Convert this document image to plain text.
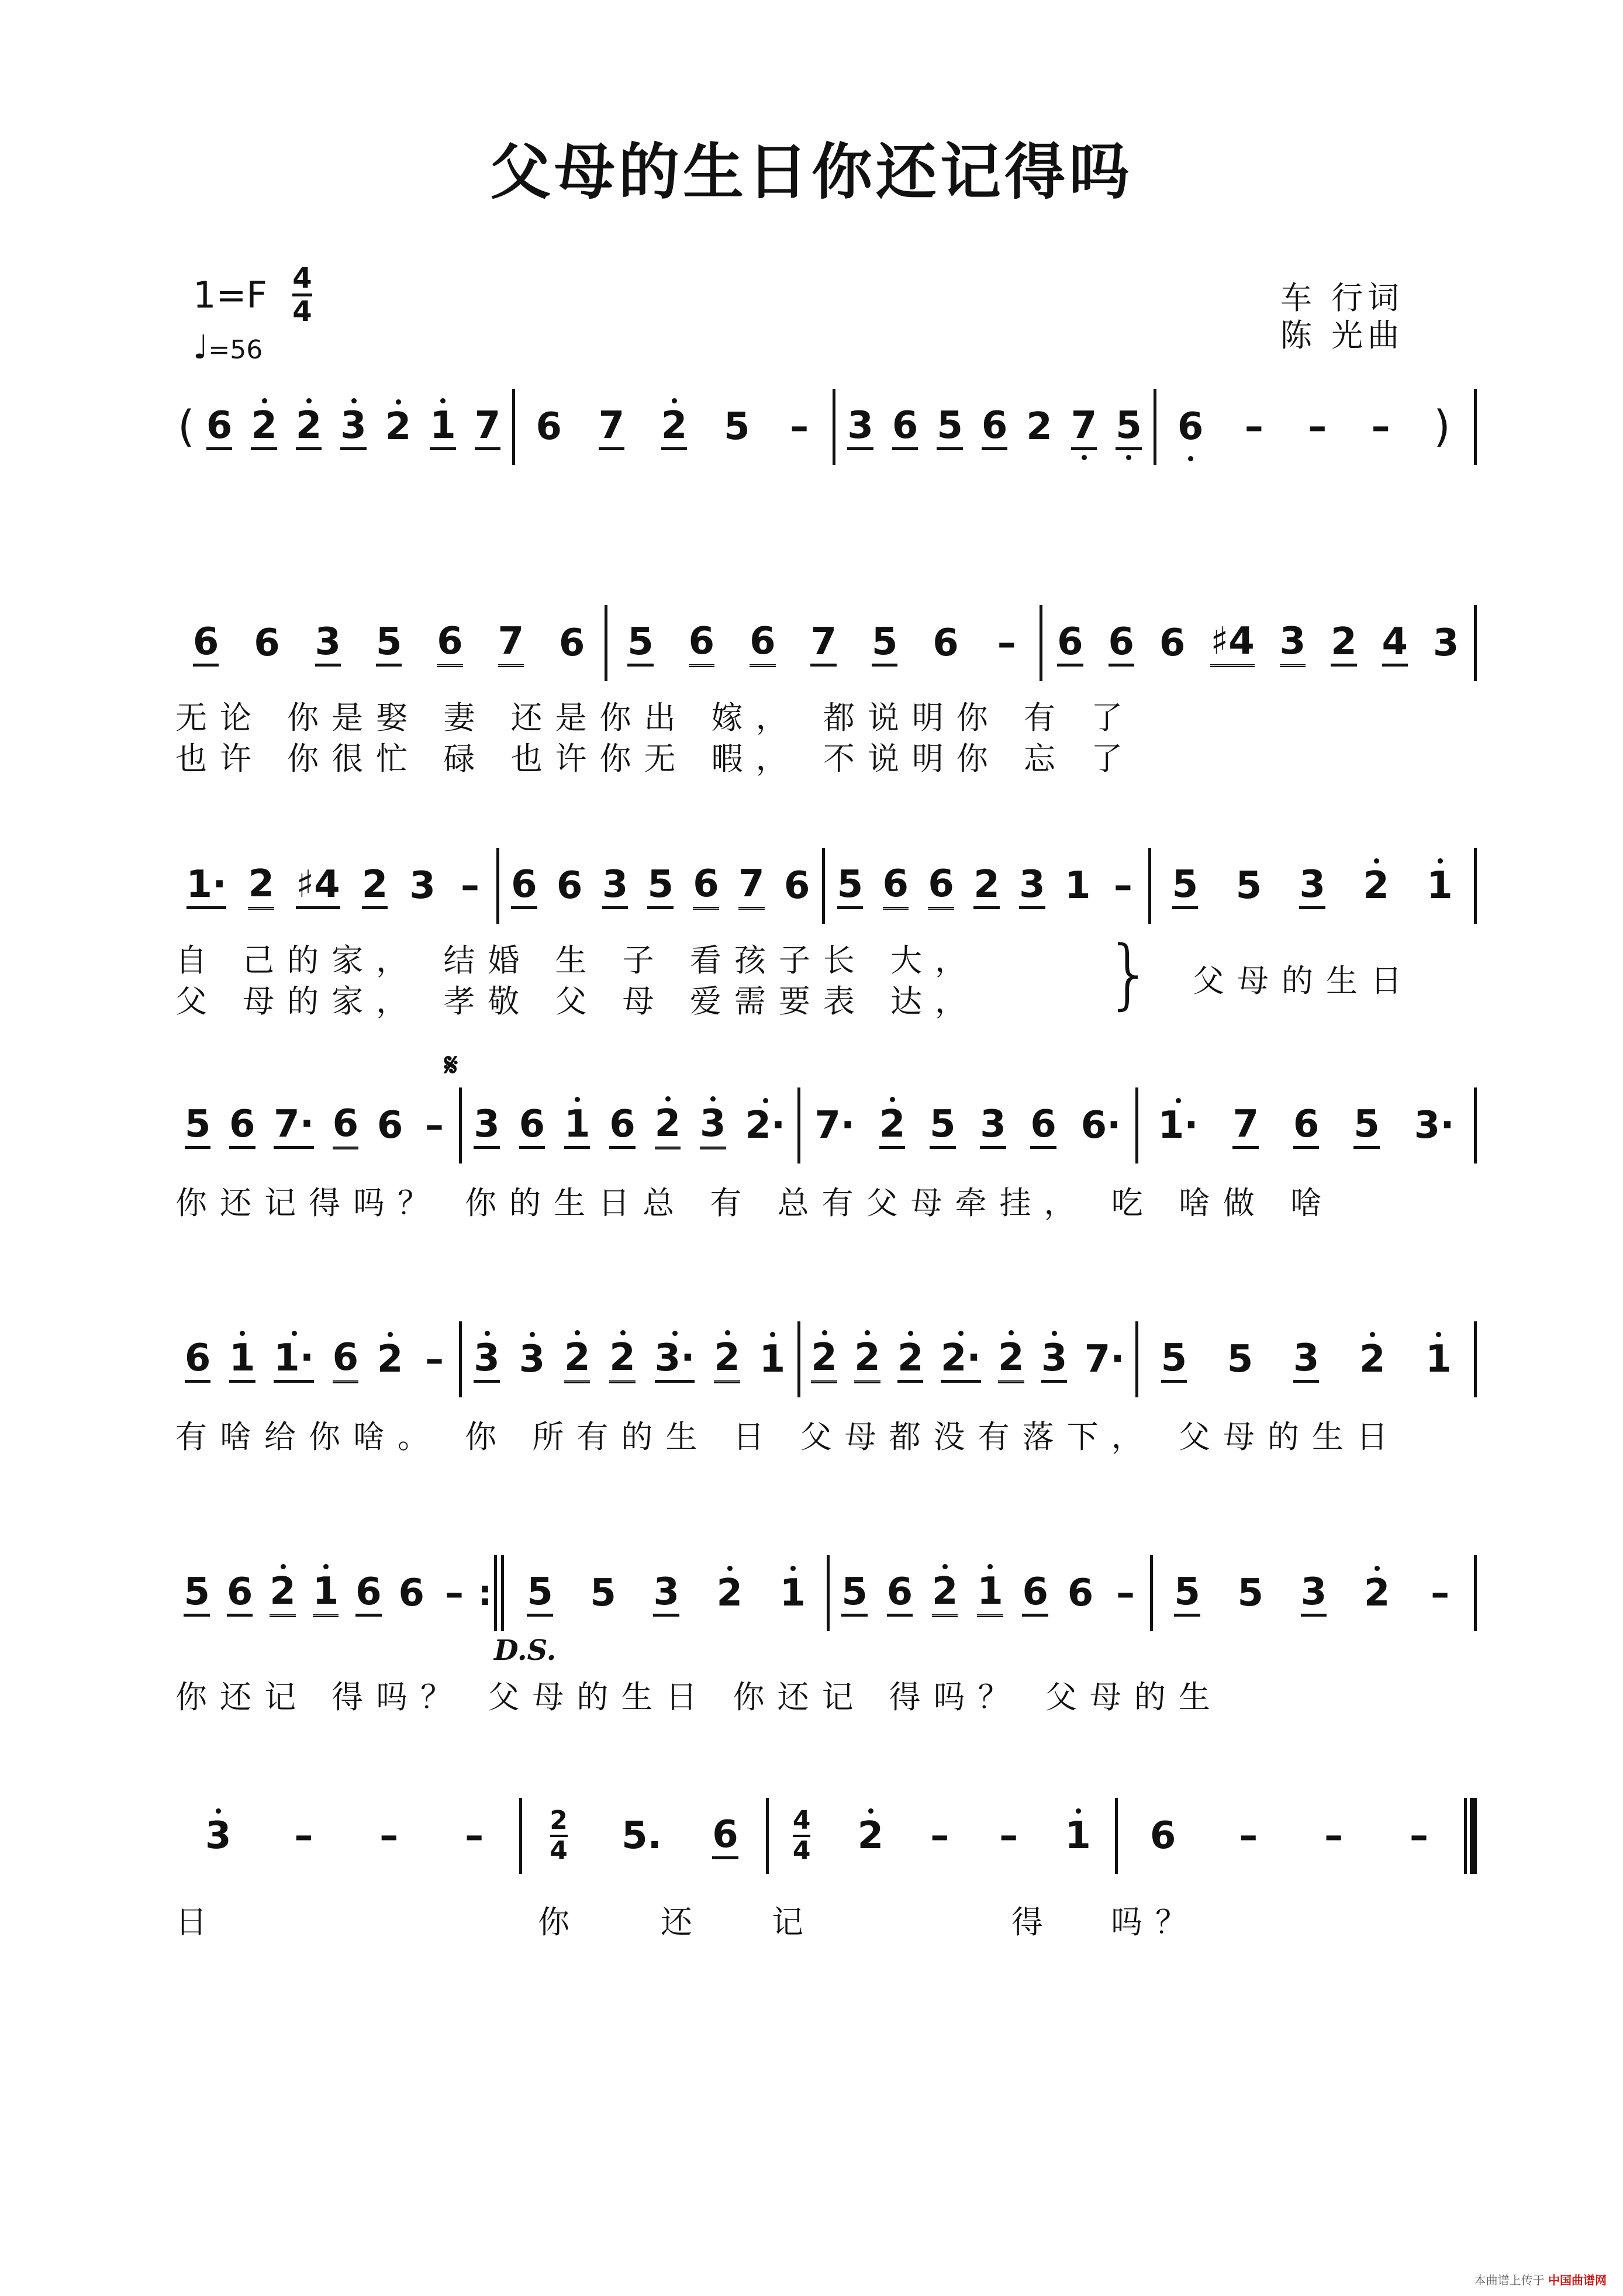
父母的生日你还记得吗
1=F 4
4
♩=56
车 行词
陈 光曲
( 6 2 2 3 2 1 7 6 7 2 5 – 3 6 5 6 2 7 5 6 – – – )
6 6 3 5 6 7 6 5 6 6 7 5 6 – 6 6 6 ♯4 3 2 4 3
无论 你是娶 妻 还是你出 嫁， 都说明你 有 了
也许 你很忙 碌 也许你无 暇， 不说明你 忘 了
1· 2 ♯4 2 3 – 6 6 3 5 6 7 6 5 6 6 2 3 1 – 5 5 3 2 1
自 己的家， 结婚 生 子 看孩子长 大，
父 母的家， 孝敬 父 母 爱需要表 达，	} 父母的生日
𝄋
5 6 7· 6 6 – 3 6 1 6 2 3 2· 7· 2 5 3 6 6· 1· 7 6 5 3·
你还记得吗？ 你的生日总 有 总有父母牵挂， 吃 啥做 啥
6 1 1· 6 2 – 3 3 2 2 3· 2 1 2 2 2 2· 2 3 7· 5 5 3 2 1
有啥给你啥。 你 所有的生 日 父母都没有落下， 父母的生日
5 6 2 1 6 6 –
: 5 5 3 2 1 5 6 2 1 6 6 – 5 5 3 2 –
D.S.
你还记 得吗？ 父母的生日 你还记 得吗？ 父母的生
3 – – –	2
4 5. 6 4
4 2 – – 1 6 – – –
日	你 还 记	得 吗？
本曲谱上传于 中国曲谱网
